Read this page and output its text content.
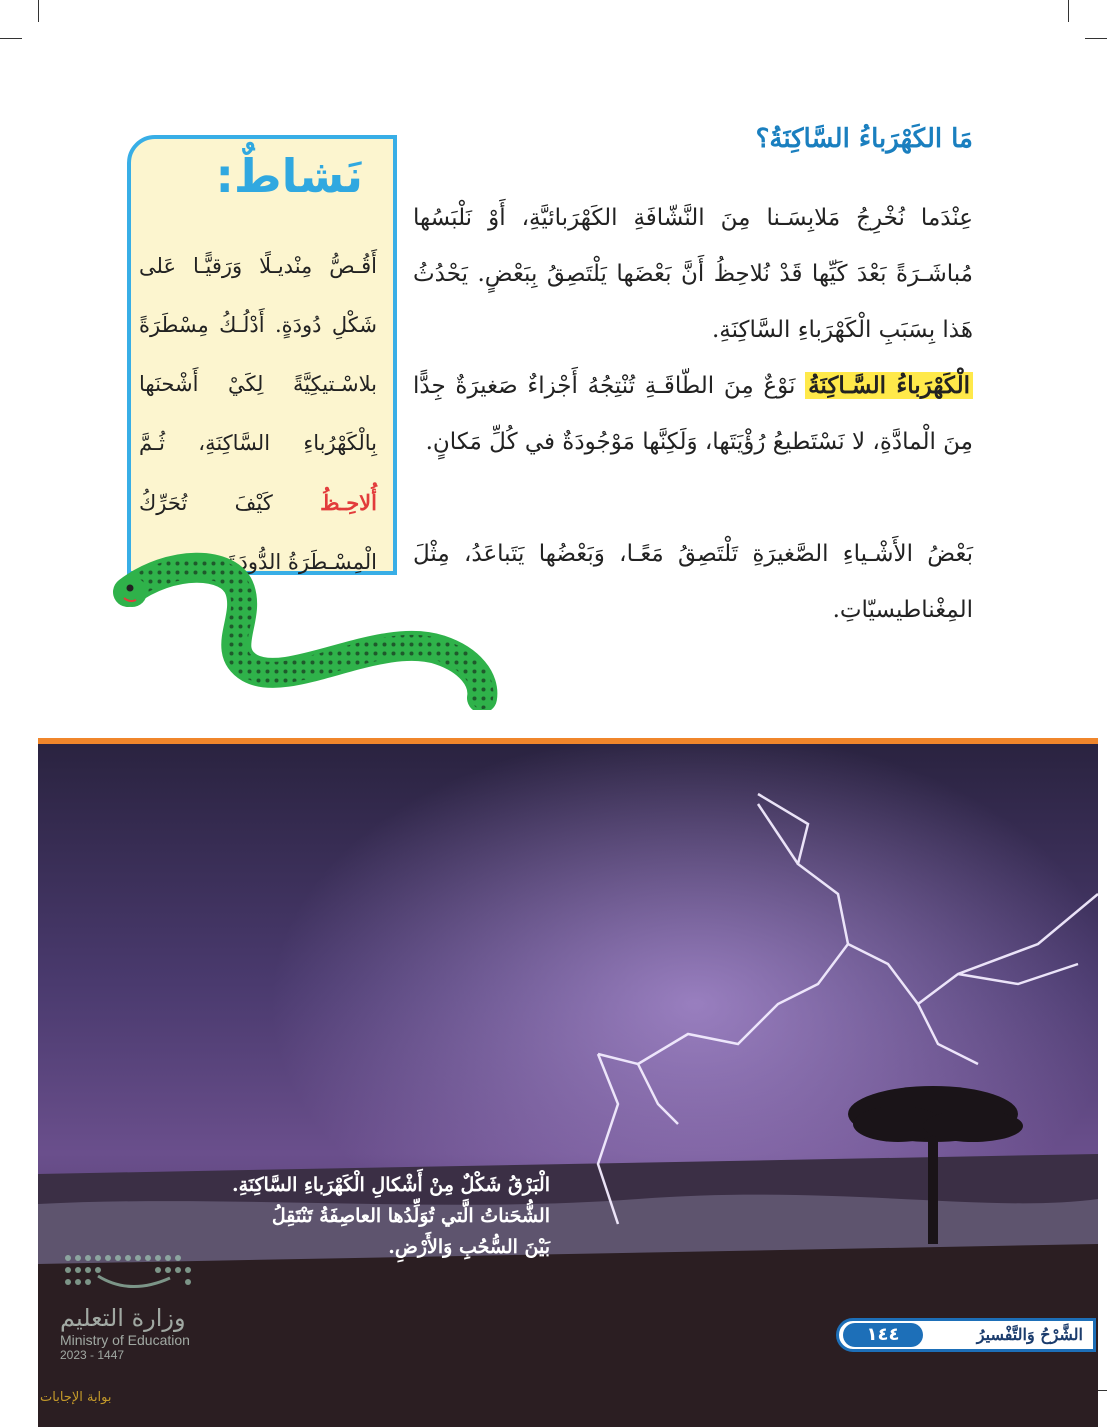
مَا الكَهْرَباءُ السَّاكِنَةُ؟

عِنْدَما نُخْرِجُ مَلابِسَـنا مِنَ النَّشّافَةِ الكَهْرَبائيَّةِ، أَوْ نَلْبَسُها مُباشَـرَةً بَعْدَ كَيِّها قَدْ نُلاحِظُ أَنَّ بَعْضَها يَلْتَصِقُ بِبَعْضٍ. يَحْدُثُ هَذا بِسَبَبِ الْكَهْرَباءِ السَّاكِنَةِ.

الْكَهْرَباءُ السَّـاكِنَةُ نَوْعٌ مِنَ الطّاقَـةِ تُنْتِجُهُ أَجْزاءٌ صَغيرَةٌ جِدًّا مِنَ الْمادَّةِ، لا نَسْتَطيعُ رُؤْيَتَها، وَلَكِنَّها مَوْجُودَةٌ في كُلِّ مَكانٍ.

بَعْضُ الأَشْـياءِ الصَّغيرَةِ تَلْتَصِقُ مَعًـا، وَبَعْضُها يَتَباعَدُ، مِثْلَ المِغْناطيسيّاتِ.

نَشاطٌ:

أَقُـصُّ مِنْديـلًا وَرَقيًّـا عَلى شَكْلِ دُودَةٍ. أَدْلُـكُ مِسْطَرَةً بلاسْـتيكِيَّةً لِكَيْ أَشْحنَها بِالْكَهْرُباءِ السَّاكِنَةِ، ثُـمَّ أُلاحِـظُ كَيْفَ تُحَرِّكُ الْمِسْـطَرَةُ الدُّودَةَ.

الْبَرْقُ شَكْلٌ مِنْ أَشْكالِ الْكَهْرَباءِ السَّاكِنَةِ.
الشُّحَناتُ الَّتي تُوَلِّدُها العاصِفَةُ تَنْتَقِلُ
بَيْنَ السُّحُبِ وَالأَرْضِ.
وزارة التعليم
Ministry of Education
2023 - 1447
بوابة الإجابات
١٤٤	الشَّرْحُ وَالتَّفْسيرُ
